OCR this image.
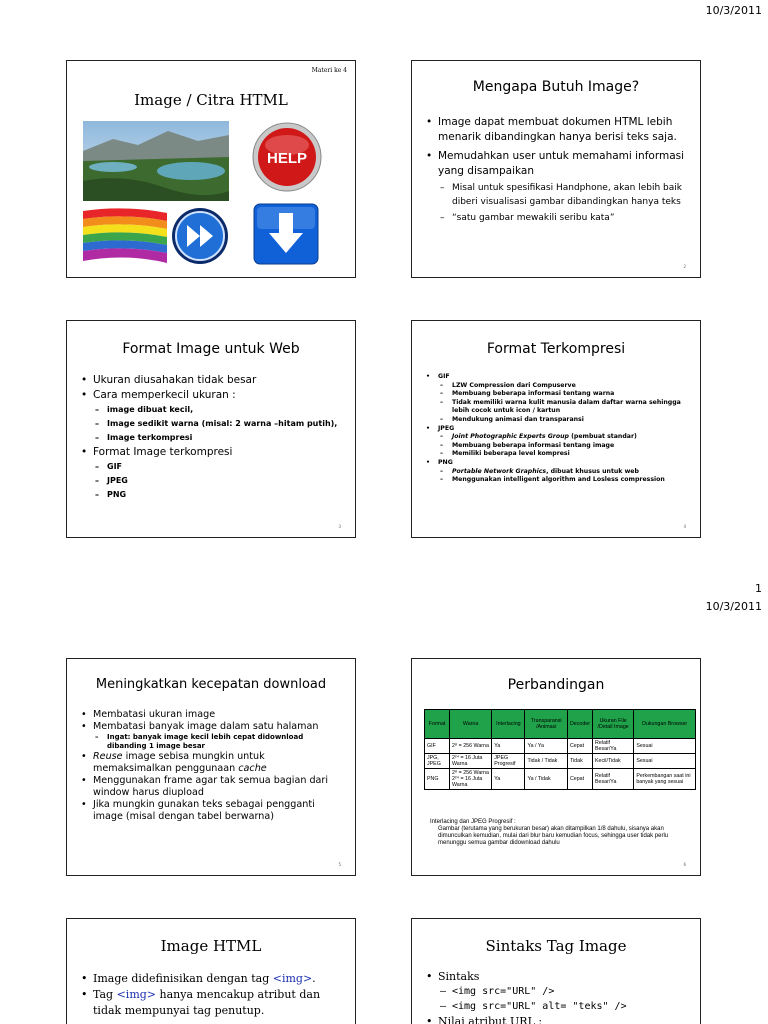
10/3/2011
Materi ke 4
Image / Citra HTML
HELP
Mengapa Butuh Image?
• Image dapat membuat dokumen HTML lebih menarik dibandingkan hanya berisi teks saja.
• Memudahkan user untuk memahami informasi yang disampaikan
– Misal untuk spesifikasi Handphone, akan lebih baik diberi visualisasi gambar dibandingkan hanya teks
– “satu gambar mewakili seribu kata”
2
Format Image untuk Web
• Ukuran diusahakan tidak besar
• Cara memperkecil ukuran :
– image dibuat kecil,
– Image sedikit warna (misal: 2 warna –hitam putih),
– Image terkompresi
• Format Image terkompresi
– GIF
– JPEG
– PNG
3
Format Terkompresi
• GIF
– LZW Compression dari Compuserve
– Membuang beberapa informasi tentang warna
– Tidak memiliki warna kulit manusia dalam daftar warna sehingga lebih cocok untuk icon / kartun
– Mendukung animasi dan transparansi
• JPEG
– Joint Photographic Experts Group (pembuat standar)
– Membuang beberapa informasi tentang image
– Memiliki beberapa level kompresi
• PNG
– Portable Network Graphics, dibuat khusus untuk web
– Menggunakan intelligent algorithm and Losless compression
4
1
10/3/2011
Meningkatkan kecepatan download
• Membatasi ukuran image
• Membatasi banyak image dalam satu halaman
– Ingat: banyak image kecil lebih cepat didownload dibanding 1 image besar
• Reuse image sebisa mungkin untuk memaksimalkan penggunaan cache
• Menggunakan frame agar tak semua bagian dari window harus diupload
• Jika mungkin gunakan teks sebagai pengganti image (misal dengan tabel berwarna)
5
Perbandingan
Format	Warna	Interlacing	Transparansi /Animasi	Decoder	Ukuran File /Detail Image	Dukungan Browser
GIF	2⁸ = 256 Warna	Ya	Ya / Ya	Cepat	Relatif Besar/Ya	Sesuai
JPG, JPEG	2²⁴ = 16 Juta Warna	JPEG Progresif	Tidak / Tidak	Tidak	Kecil/Tidak	Sesuai
PNG	2⁸ = 256 Warna 2²⁴ = 16 Juta Warna	Ya	Ya / Tidak	Cepat	Relatif Besar/Ya	Perkembangan saat ini banyak yang sesuai
Interlacing dan JPEG Progresif :
Gambar (terutama yang berukuran besar) akan ditampilkan 1/8 dahulu, sisanya akan dimunculkan kemudian, mulai dari blur baru kemudian focus, sehingga user tidak perlu menunggu semua gambar didownload dahulu
6
Image HTML
• Image didefinisikan dengan tag <img>.
• Tag <img> hanya mencakup atribut dan tidak mempunyai tag penutup.
Sintaks Tag Image
• Sintaks
– <img src="URL" />
– <img src="URL" alt= "teks" />
• Nilai atribut URL :
